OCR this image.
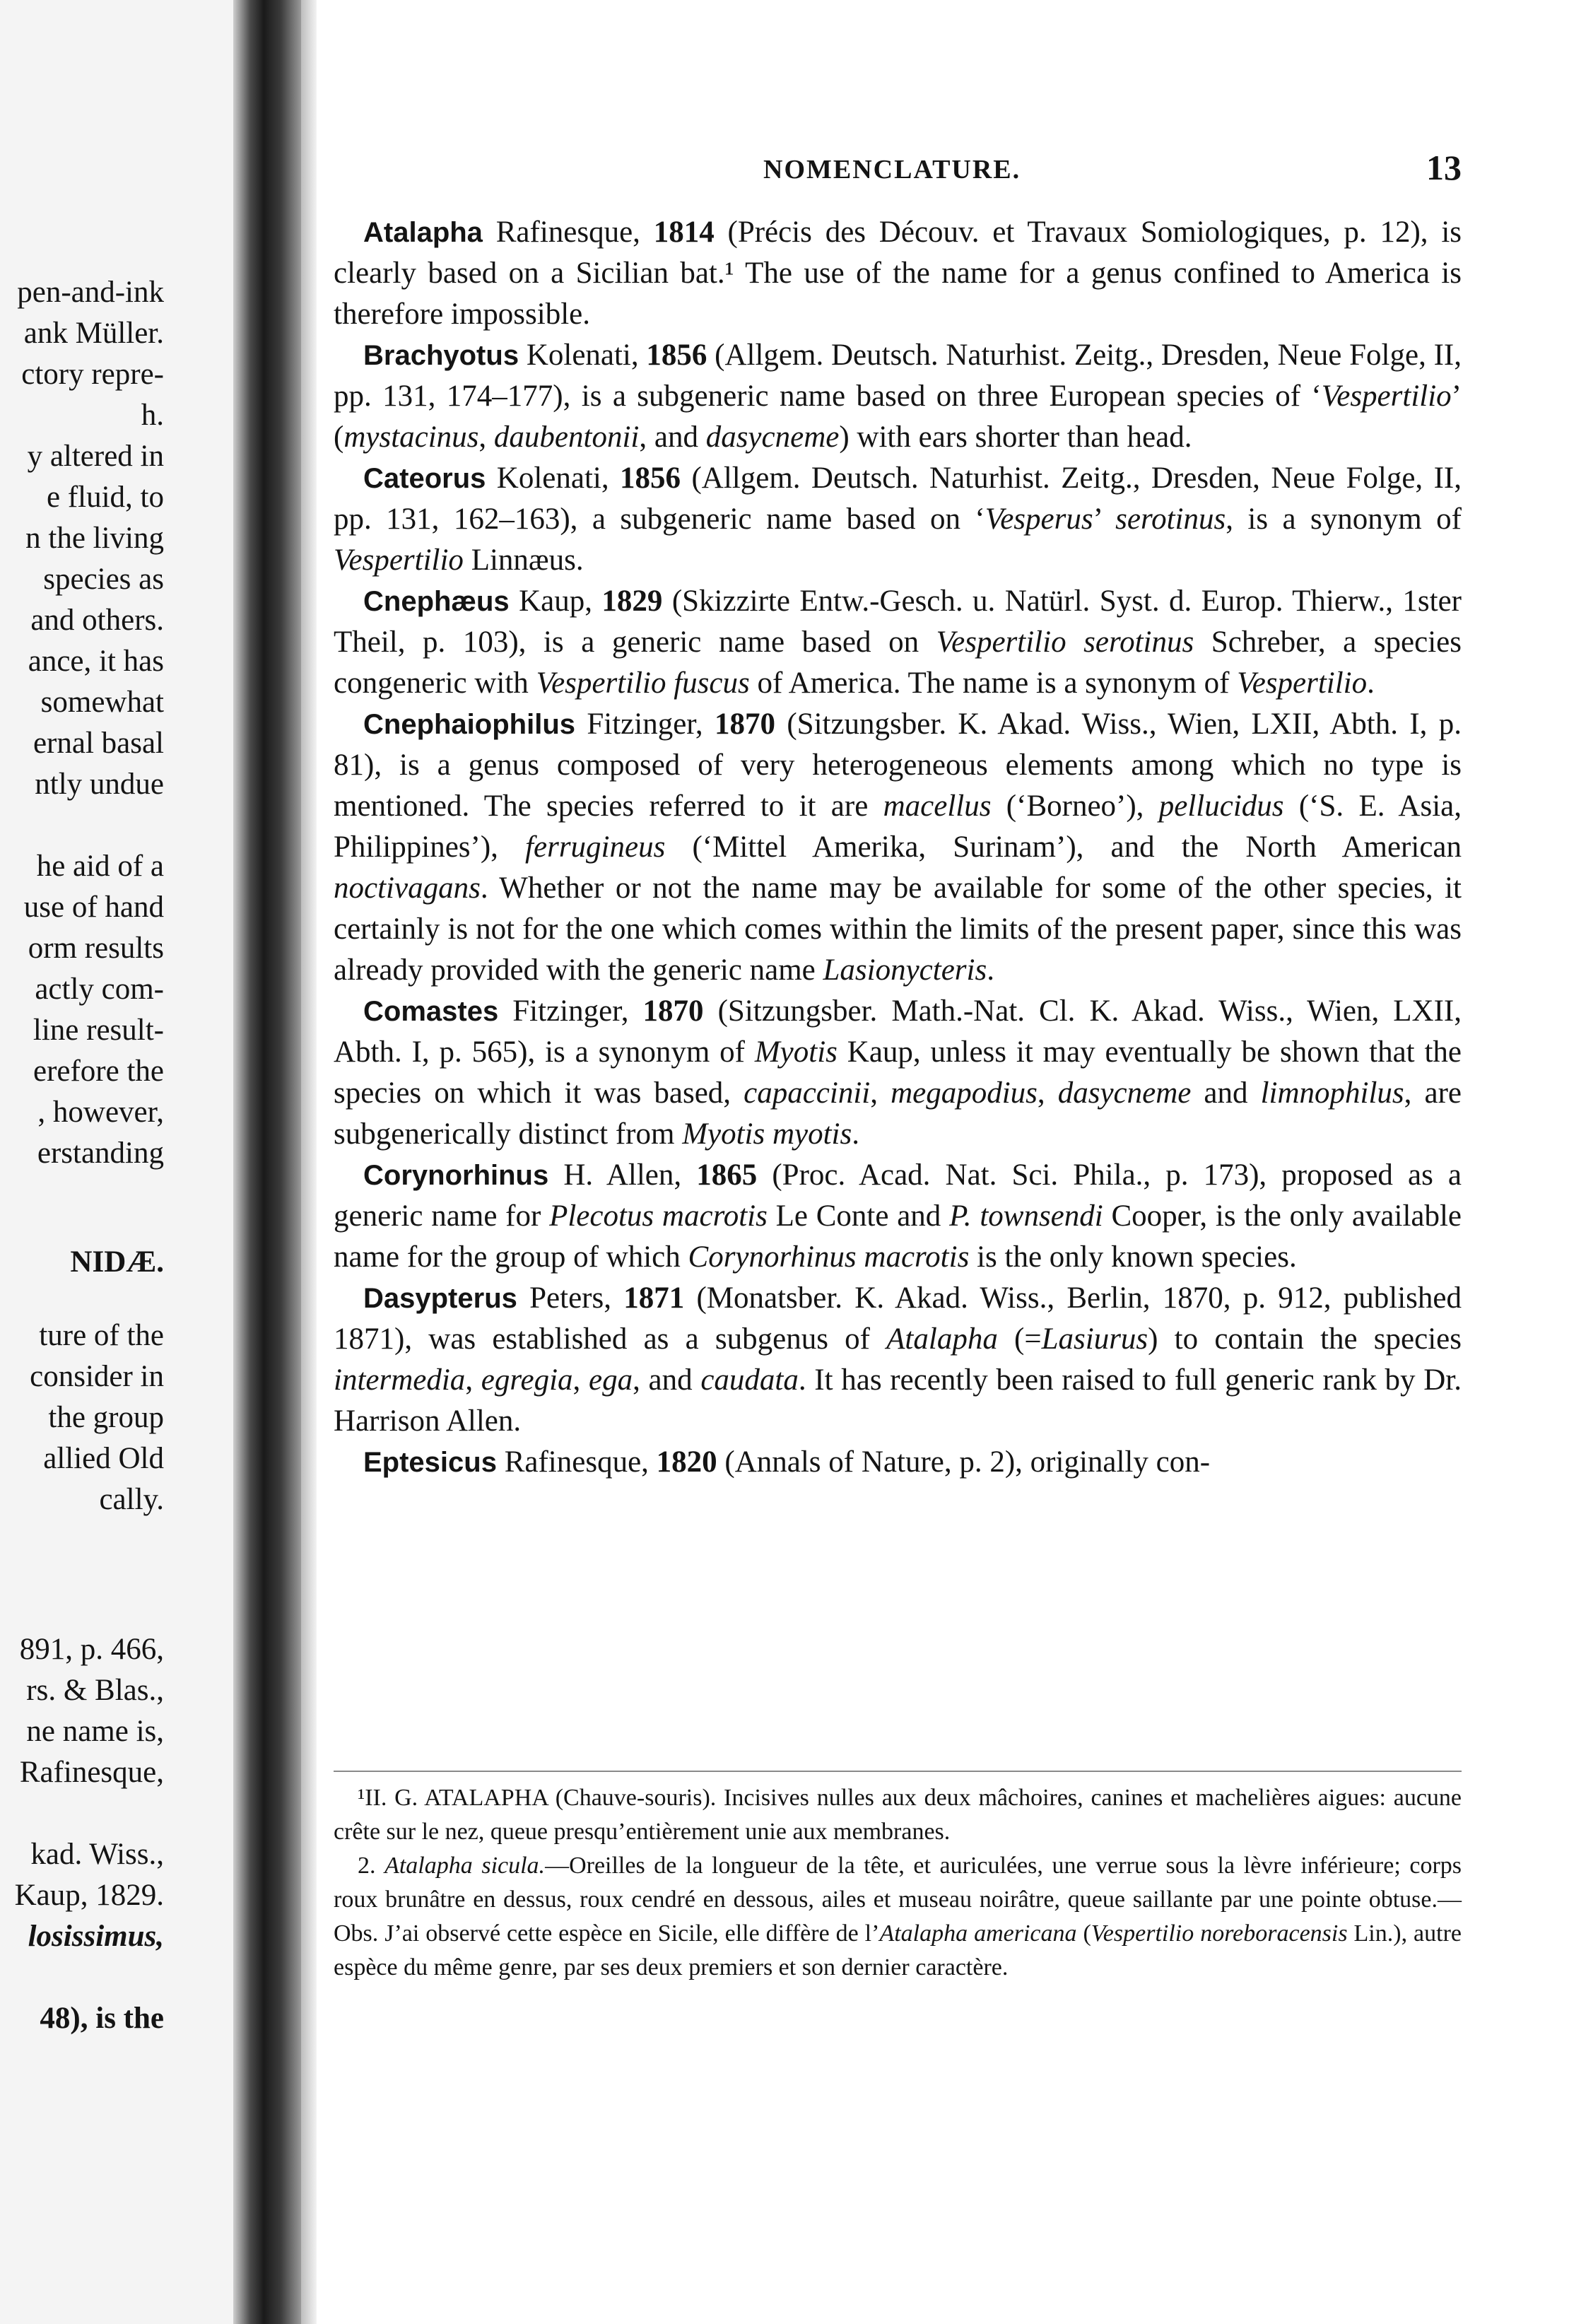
pen-and-ink
ank Müller.
ctory repre-
h.
y altered in
e fluid, to
n the living
species as
and others.
ance, it has
somewhat
ernal basal
ntly undue
he aid of a
use of hand
orm results
actly com-
line result-
erefore the
, however,
erstanding
NIDÆ.
ture of the
consider in
the group
allied Old
cally.
891, p. 466,
rs. & Blas.,
ne name is,
Rafinesque,
kad. Wiss.,
Kaup, 1829.
losissimus,
48), is the
NOMENCLATURE.	13

Atalapha Rafinesque, 1814 (Précis des Découv. et Travaux Somiologiques, p. 12), is clearly based on a Sicilian bat.¹ The use of the name for a genus confined to America is therefore impossible.

Brachyotus Kolenati, 1856 (Allgem. Deutsch. Naturhist. Zeitg., Dresden, Neue Folge, II, pp. 131, 174–177), is a subgeneric name based on three European species of ‘Vespertilio’ (mystacinus, daubentonii, and dasycneme) with ears shorter than head.

Cateorus Kolenati, 1856 (Allgem. Deutsch. Naturhist. Zeitg., Dresden, Neue Folge, II, pp. 131, 162–163), a subgeneric name based on ‘Vesperus’ serotinus, is a synonym of Vespertilio Linnæus.

Cnephæus Kaup, 1829 (Skizzirte Entw.-Gesch. u. Natürl. Syst. d. Europ. Thierw., 1ster Theil, p. 103), is a generic name based on Vespertilio serotinus Schreber, a species congeneric with Vespertilio fuscus of America. The name is a synonym of Vespertilio.

Cnephaiophilus Fitzinger, 1870 (Sitzungsber. K. Akad. Wiss., Wien, LXII, Abth. I, p. 81), is a genus composed of very heterogeneous elements among which no type is mentioned. The species referred to it are macellus (‘Borneo’), pellucidus (‘S. E. Asia, Philippines’), ferrugineus (‘Mittel Amerika, Surinam’), and the North American noctivagans. Whether or not the name may be available for some of the other species, it certainly is not for the one which comes within the limits of the present paper, since this was already provided with the generic name Lasionycteris.

Comastes Fitzinger, 1870 (Sitzungsber. Math.-Nat. Cl. K. Akad. Wiss., Wien, LXII, Abth. I, p. 565), is a synonym of Myotis Kaup, unless it may eventually be shown that the species on which it was based, capaccinii, megapodius, dasycneme and limnophilus, are subgenerically distinct from Myotis myotis.

Corynorhinus H. Allen, 1865 (Proc. Acad. Nat. Sci. Phila., p. 173), proposed as a generic name for Plecotus macrotis Le Conte and P. townsendi Cooper, is the only available name for the group of which Corynorhinus macrotis is the only known species.

Dasypterus Peters, 1871 (Monatsber. K. Akad. Wiss., Berlin, 1870, p. 912, published 1871), was established as a subgenus of Atalapha (=Lasiurus) to contain the species intermedia, egregia, ega, and caudata. It has recently been raised to full generic rank by Dr. Harrison Allen.

Eptesicus Rafinesque, 1820 (Annals of Nature, p. 2), originally con-

¹II. G. ATALAPHA (Chauve-souris). Incisives nulles aux deux mâchoires, canines et machelières aigues: aucune crête sur le nez, queue presqu’entièrement unie aux membranes.

2. Atalapha sicula.—Oreilles de la longueur de la tête, et auriculées, une verrue sous la lèvre inférieure; corps roux brunâtre en dessus, roux cendré en dessous, ailes et museau noirâtre, queue saillante par une pointe obtuse.—Obs. J’ai observé cette espèce en Sicile, elle diffère de l’Atalapha americana (Vespertilio noreboracensis Lin.), autre espèce du même genre, par ses deux premiers et son dernier caractère.
